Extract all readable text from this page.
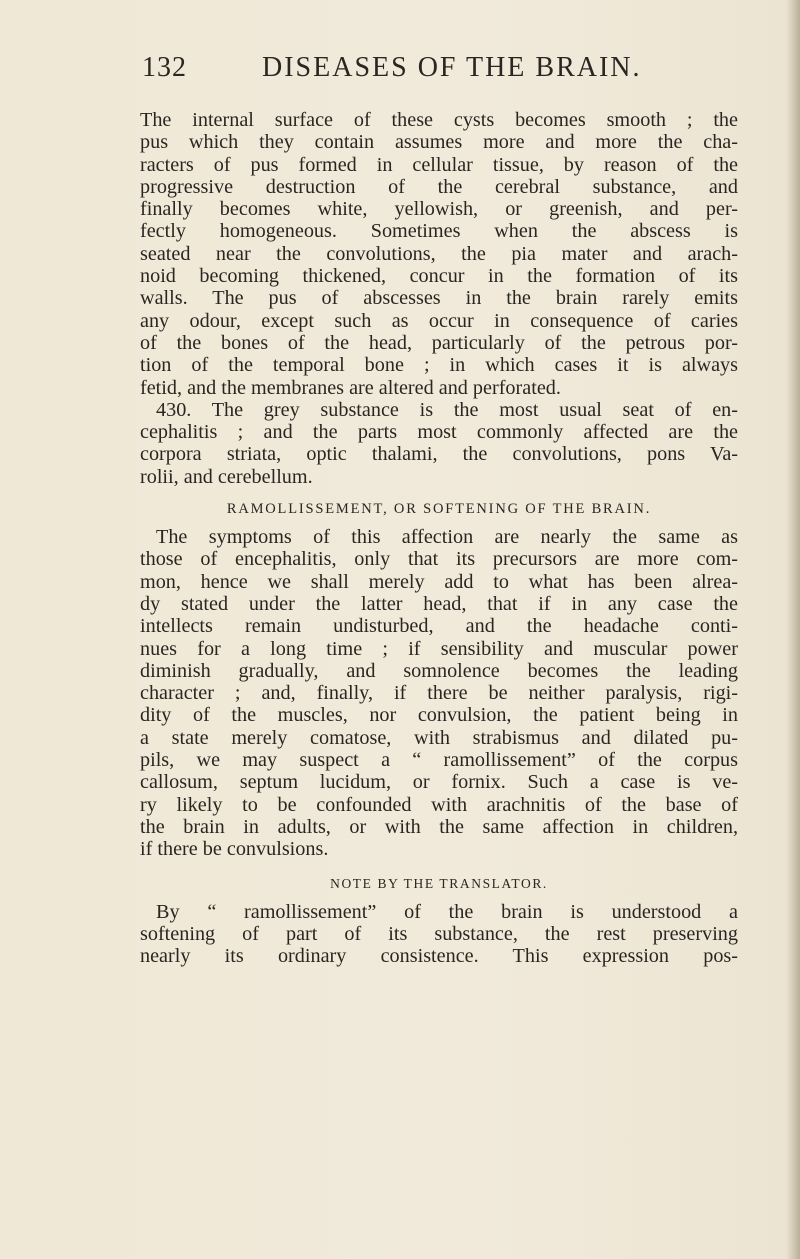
132	DISEASES OF THE BRAIN.
The internal surface of these cysts becomes smooth ; the
pus which they contain assumes more and more the cha-
racters of pus formed in cellular tissue, by reason of the
progressive destruction of the cerebral substance, and
finally becomes white, yellowish, or greenish, and per-
fectly homogeneous. Sometimes when the abscess is
seated near the convolutions, the pia mater and arach-
noid becoming thickened, concur in the formation of its
walls. The pus of abscesses in the brain rarely emits
any odour, except such as occur in consequence of caries
of the bones of the head, particularly of the petrous por-
tion of the temporal bone ; in which cases it is always
fetid, and the membranes are altered and perforated.
430. The grey substance is the most usual seat of en-
cephalitis ; and the parts most commonly affected are the
corpora striata, optic thalami, the convolutions, pons Va-
rolii, and cerebellum.
RAMOLLISSEMENT, OR SOFTENING OF THE BRAIN.
The symptoms of this affection are nearly the same as
those of encephalitis, only that its precursors are more com-
mon, hence we shall merely add to what has been alrea-
dy stated under the latter head, that if in any case the
intellects remain undisturbed, and the headache conti-
nues for a long time ; if sensibility and muscular power
diminish gradually, and somnolence becomes the leading
character ; and, finally, if there be neither paralysis, rigi-
dity of the muscles, nor convulsion, the patient being in
a state merely comatose, with strabismus and dilated pu-
pils, we may suspect a “ ramollissement” of the corpus
callosum, septum lucidum, or fornix. Such a case is ve-
ry likely to be confounded with arachnitis of the base of
the brain in adults, or with the same affection in children,
if there be convulsions.
NOTE BY THE TRANSLATOR.
By “ ramollissement” of the brain is understood a
softening of part of its substance, the rest preserving
nearly its ordinary consistence. This expression pos-
